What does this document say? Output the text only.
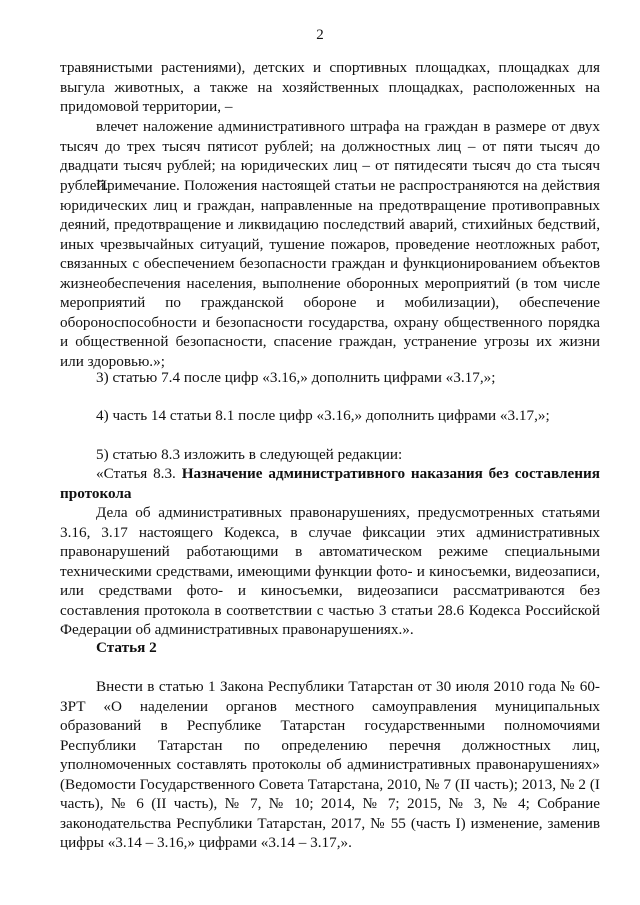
2

травянистыми растениями), детских и спортивных площадках, площадках для выгула животных, а также на хозяйственных площадках, расположенных на придомовой территории, –

влечет наложение административного штрафа на граждан в размере от двух тысяч до трех тысяч пятисот рублей; на должностных лиц – от пяти тысяч до двадцати тысяч рублей; на юридических лиц – от пятидесяти тысяч до ста тысяч рублей.

Примечание. Положения настоящей статьи не распространяются на действия юридических лиц и граждан, направленные на предотвращение противоправных деяний, предотвращение и ликвидацию последствий аварий, стихийных бедствий, иных чрезвычайных ситуаций, тушение пожаров, проведение неотложных работ, связанных с обеспечением безопасности граждан и функционированием объектов жизнеобеспечения населения, выполнение оборонных мероприятий (в том числе мероприятий по гражданской обороне и мобилизации), обеспечение обороноспособности и безопасности государства, охрану общественного порядка и общественной безопасности, спасение граждан, устранение угрозы их жизни или здоровью.»;

3) статью 7.4 после цифр «3.16,» дополнить цифрами «3.17,»;

4) часть 14 статьи 8.1 после цифр «3.16,» дополнить цифрами «3.17,»;

5) статью 8.3 изложить в следующей редакции:

«Статья 8.3. Назначение административного наказания без составления протокола

Дела об административных правонарушениях, предусмотренных статьями 3.16, 3.17 настоящего Кодекса, в случае фиксации этих административных правонарушений работающими в автоматическом режиме специальными техническими средствами, имеющими функции фото- и киносъемки, видеозаписи, или средствами фото- и киносъемки, видеозаписи рассматриваются без составления протокола в соответствии с частью 3 статьи 28.6 Кодекса Российской Федерации об административных правонарушениях.».

Статья 2

Внести в статью 1 Закона Республики Татарстан от 30 июля 2010 года № 60-ЗРТ «О наделении органов местного самоуправления муниципальных образований в Республике Татарстан государственными полномочиями Республики Татарстан по определению перечня должностных лиц, уполномоченных составлять протоколы об административных правонарушениях» (Ведомости Государственного Совета Татарстана, 2010, № 7 (II часть); 2013, № 2 (I часть), № 6 (II часть), № 7, № 10; 2014, № 7; 2015, № 3, № 4; Собрание законодательства Республики Татарстан, 2017, № 55 (часть I) изменение, заменив цифры «3.14 – 3.16,» цифрами «3.14 – 3.17,».
